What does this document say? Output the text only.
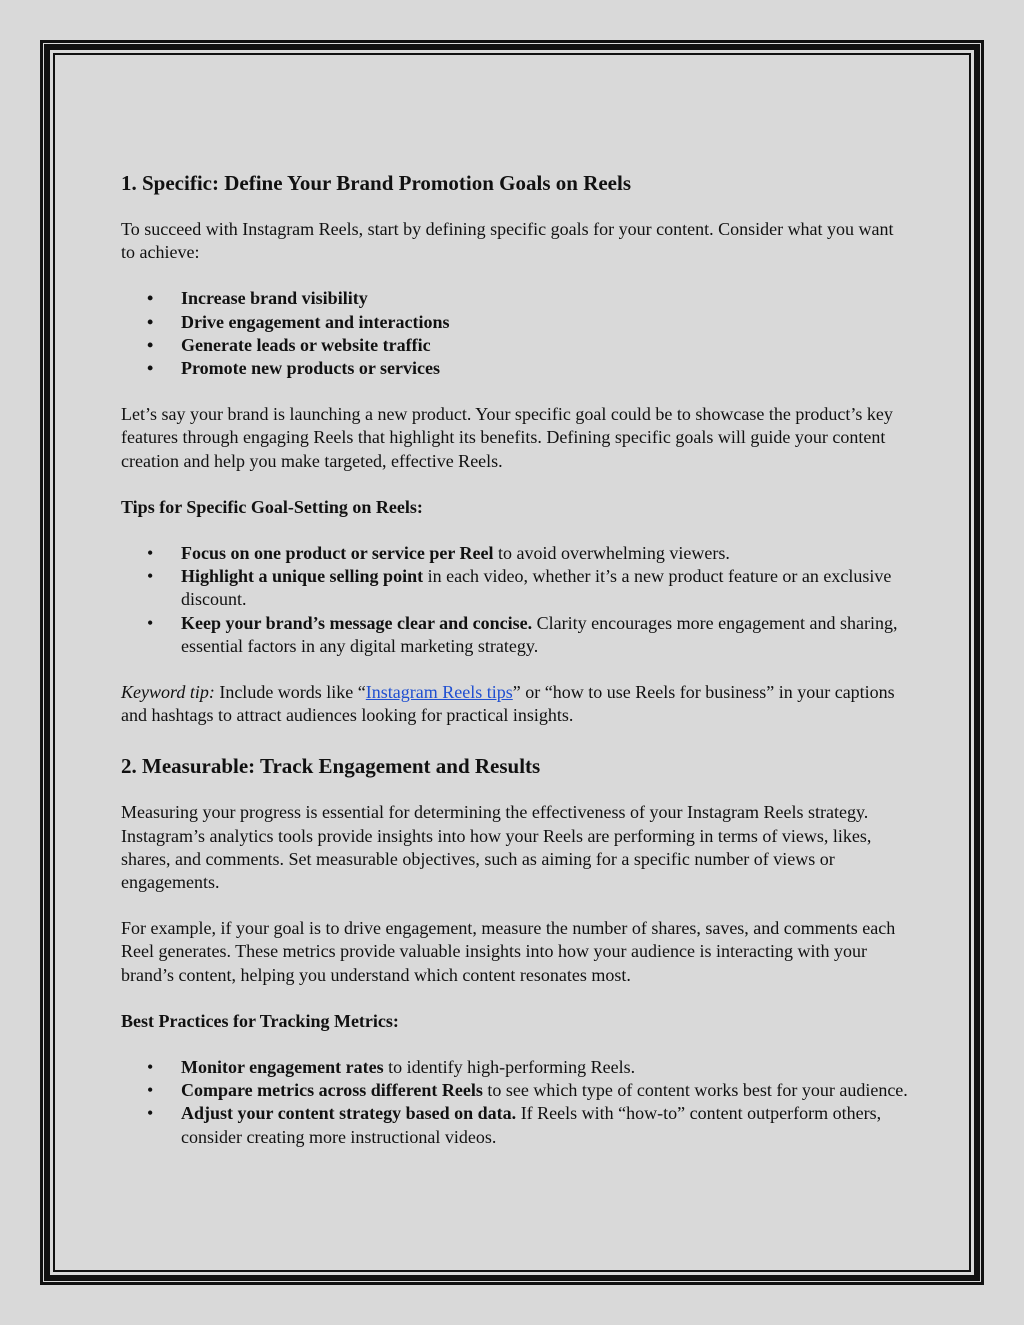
1. Specific: Define Your Brand Promotion Goals on Reels

To succeed with Instagram Reels, start by defining specific goals for your content. Consider what you want to achieve:

• Increase brand visibility
• Drive engagement and interactions
• Generate leads or website traffic
• Promote new products or services

Let’s say your brand is launching a new product. Your specific goal could be to showcase the product’s key features through engaging Reels that highlight its benefits. Defining specific goals will guide your content creation and help you make targeted, effective Reels.

Tips for Specific Goal-Setting on Reels:

• Focus on one product or service per Reel to avoid overwhelming viewers.
• Highlight a unique selling point in each video, whether it’s a new product feature or an exclusive discount.
• Keep your brand’s message clear and concise. Clarity encourages more engagement and sharing, essential factors in any digital marketing strategy.

Keyword tip: Include words like “Instagram Reels tips” or “how to use Reels for business” in your captions and hashtags to attract audiences looking for practical insights.

2. Measurable: Track Engagement and Results

Measuring your progress is essential for determining the effectiveness of your Instagram Reels strategy. Instagram’s analytics tools provide insights into how your Reels are performing in terms of views, likes, shares, and comments. Set measurable objectives, such as aiming for a specific number of views or engagements.

For example, if your goal is to drive engagement, measure the number of shares, saves, and comments each Reel generates. These metrics provide valuable insights into how your audience is interacting with your brand’s content, helping you understand which content resonates most.

Best Practices for Tracking Metrics:

• Monitor engagement rates to identify high-performing Reels.
• Compare metrics across different Reels to see which type of content works best for your audience.
• Adjust your content strategy based on data. If Reels with “how-to” content outperform others, consider creating more instructional videos.
